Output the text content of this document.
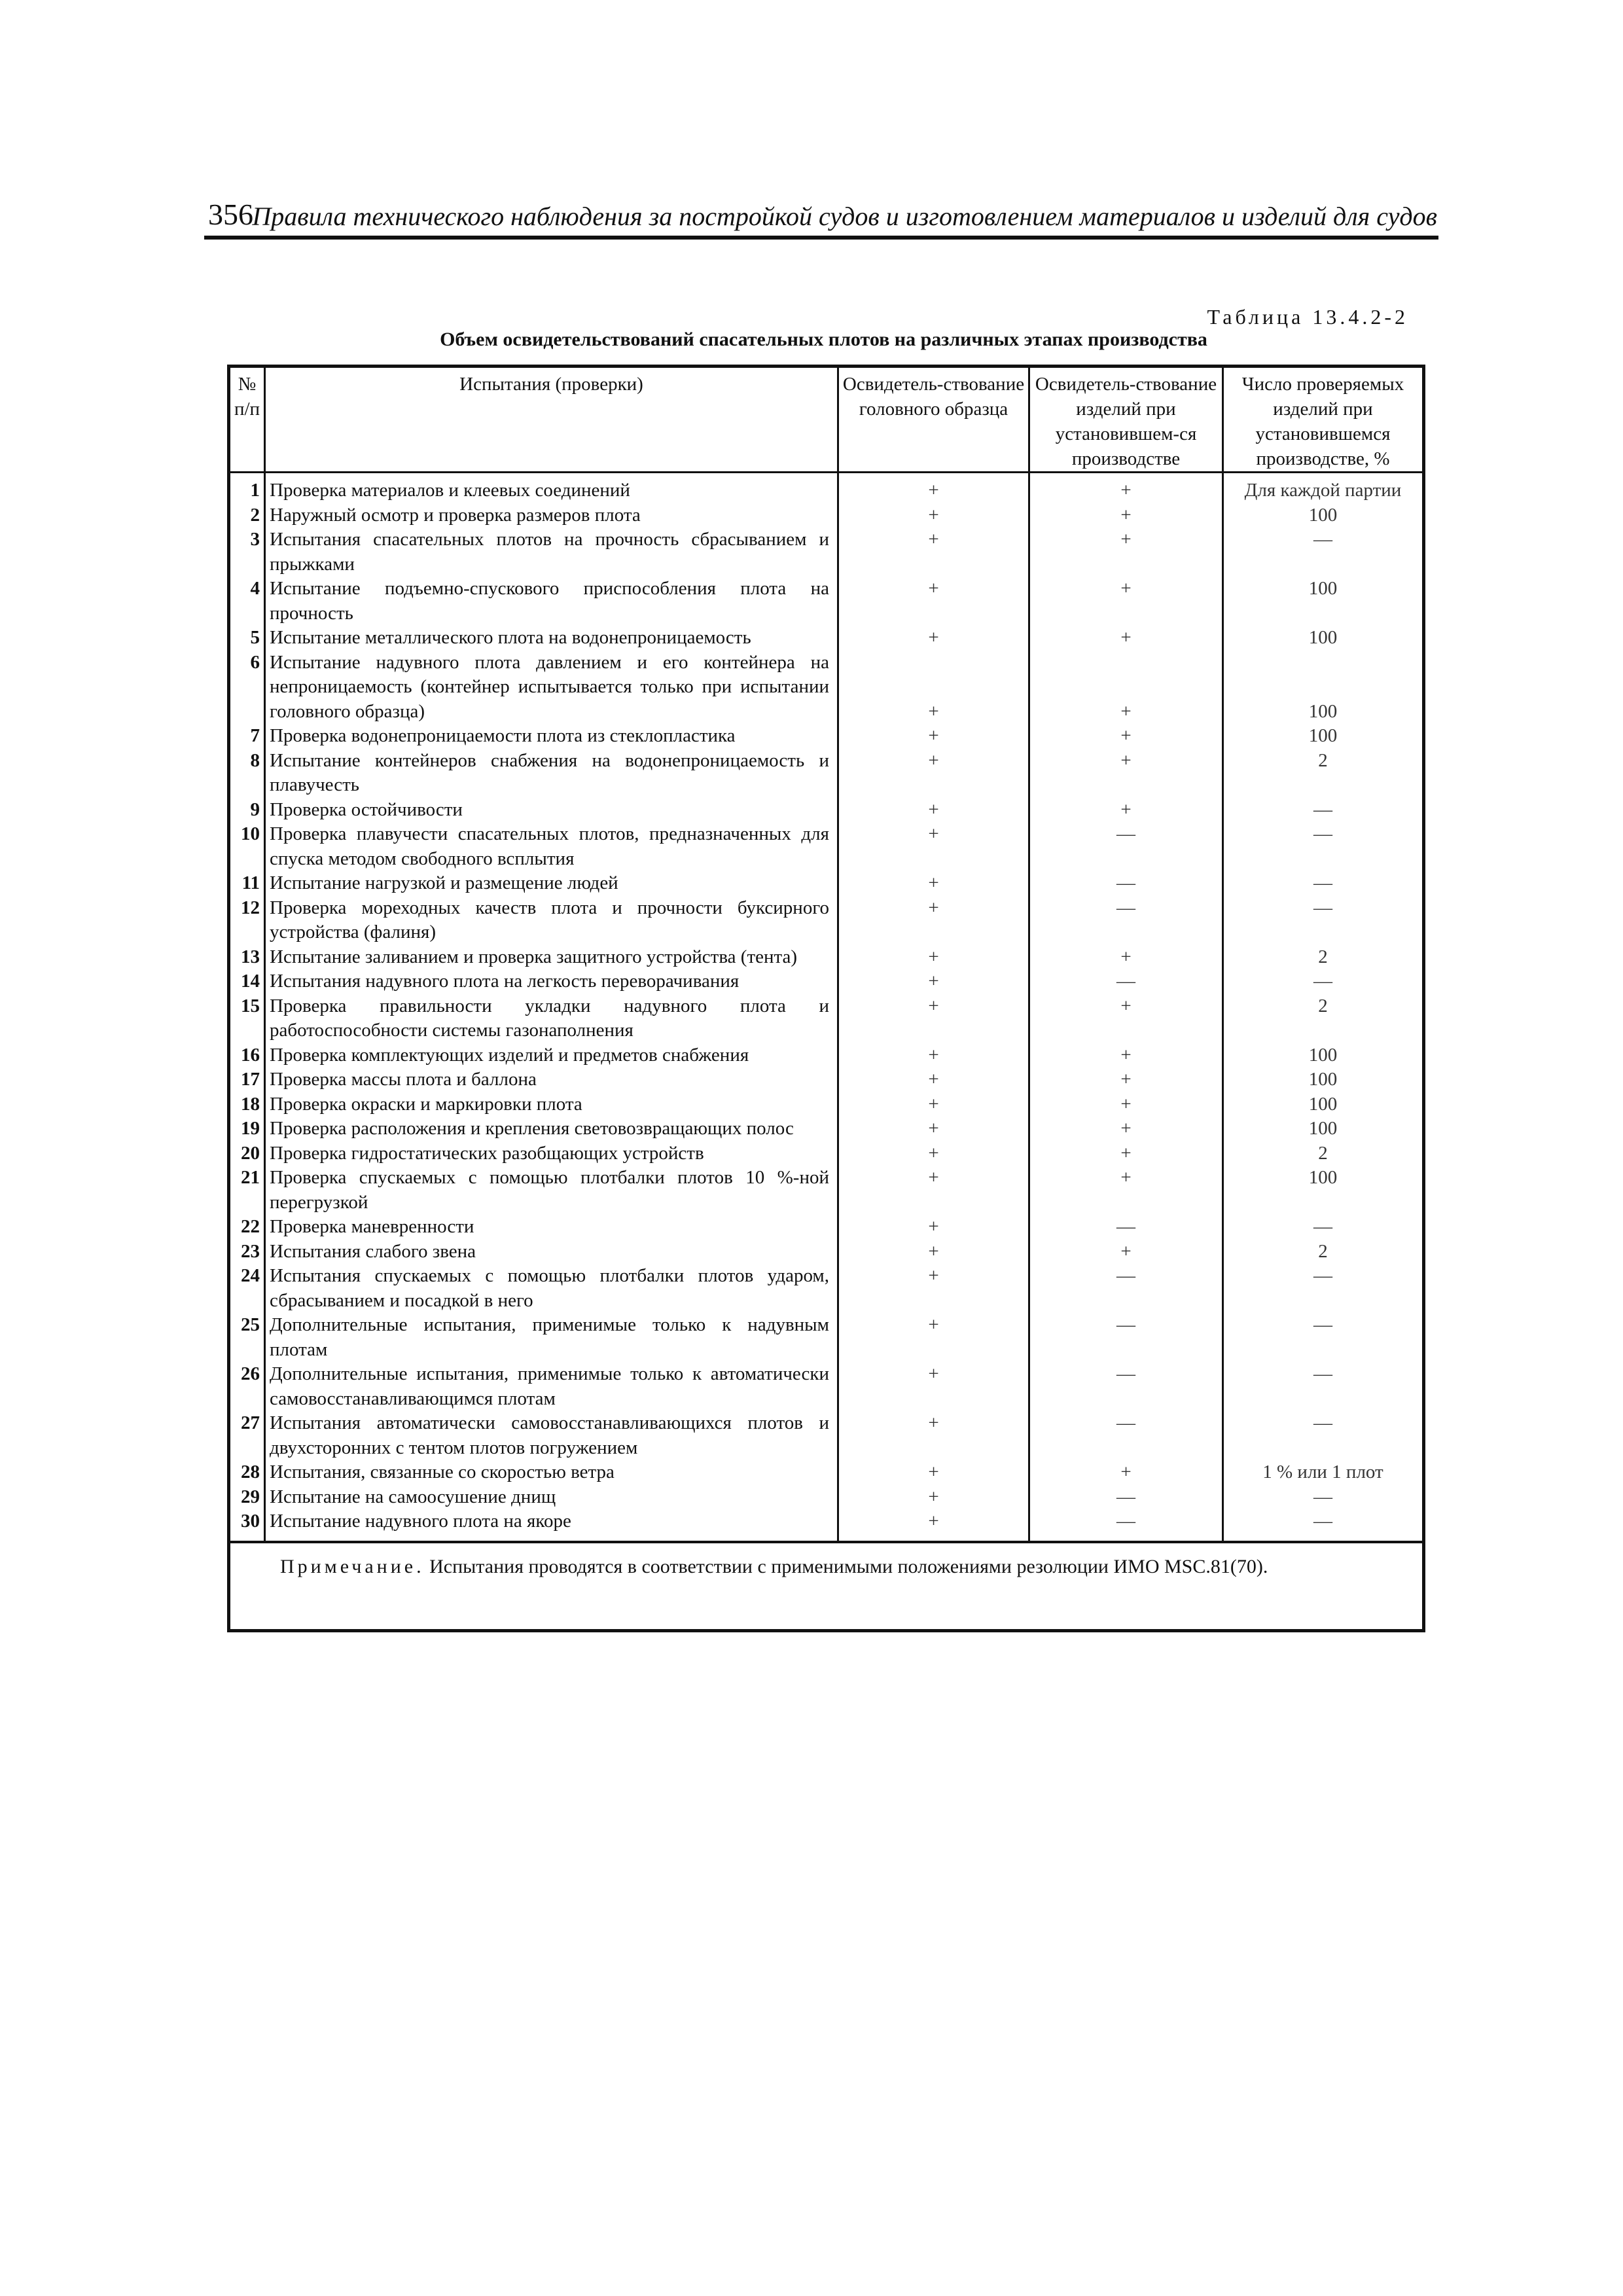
356
Правила технического наблюдения за постройкой судов и изготовлением материалов и изделий для судов
Таблица 13.4.2-2
Объем освидетельствований спасательных плотов на различных этапах производства
№ п/п	Испытания (проверки)	Освидетель-ствование головного образца	Освидетель-ствование изделий при установившем-ся производстве	Число проверяемых изделий при установившемся производстве, %
1	Проверка материалов и клеевых соединений	+	+	Для каждой партии
2	Наружный осмотр и проверка размеров плота	+	+	100
3	Испытания спасательных плотов на прочность сбрасыванием и прыжками	+	+	—
4	Испытание подъемно-спускового приспособления плота на прочность	+	+	100
5	Испытание металлического плота на водонепроницаемость	+	+	100
6	Испытание надувного плота давлением и его контейнера на непроницаемость (контейнер испытывается только при испытании головного образца)	+	+	100
7	Проверка водонепроницаемости плота из стеклопластика	+	+	100
8	Испытание контейнеров снабжения на водонепроницаемость и плавучесть	+	+	2
9	Проверка остойчивости	+	+	—
10	Проверка плавучести спасательных плотов, предназначенных для спуска методом свободного всплытия	+	—	—
11	Испытание нагрузкой и размещение людей	+	—	—
12	Проверка мореходных качеств плота и прочности буксирного устройства (фалиня)	+	—	—
13	Испытание заливанием и проверка защитного устройства (тента)	+	+	2
14	Испытания надувного плота на легкость переворачивания	+	—	—
15	Проверка правильности укладки надувного плота и работоспособности системы газонаполнения	+	+	2
16	Проверка комплектующих изделий и предметов снабжения	+	+	100
17	Проверка массы плота и баллона	+	+	100
18	Проверка окраски и маркировки плота	+	+	100
19	Проверка расположения и крепления световозвращающих полос	+	+	100
20	Проверка гидростатических разобщающих устройств	+	+	2
21	Проверка спускаемых с помощью плотбалки плотов 10 %-ной перегрузкой	+	+	100
22	Проверка маневренности	+	—	—
23	Испытания слабого звена	+	+	2
24	Испытания спускаемых с помощью плотбалки плотов ударом, сбрасыванием и посадкой в него	+	—	—
25	Дополнительные испытания, применимые только к надувным плотам	+	—	—
26	Дополнительные испытания, применимые только к автоматически самовосстанавливающимся плотам	+	—	—
27	Испытания автоматически самовосстанавливающихся плотов и двухсторонних с тентом плотов погружением	+	—	—
28	Испытания, связанные со скоростью ветра	+	+	1 % или 1 плот
29	Испытание на самоосушение днищ	+	—	—
30	Испытание надувного плота на якоре	+	—	—
Примечание. Испытания проводятся в соответствии с применимыми положениями резолюции ИМО MSC.81(70).				
